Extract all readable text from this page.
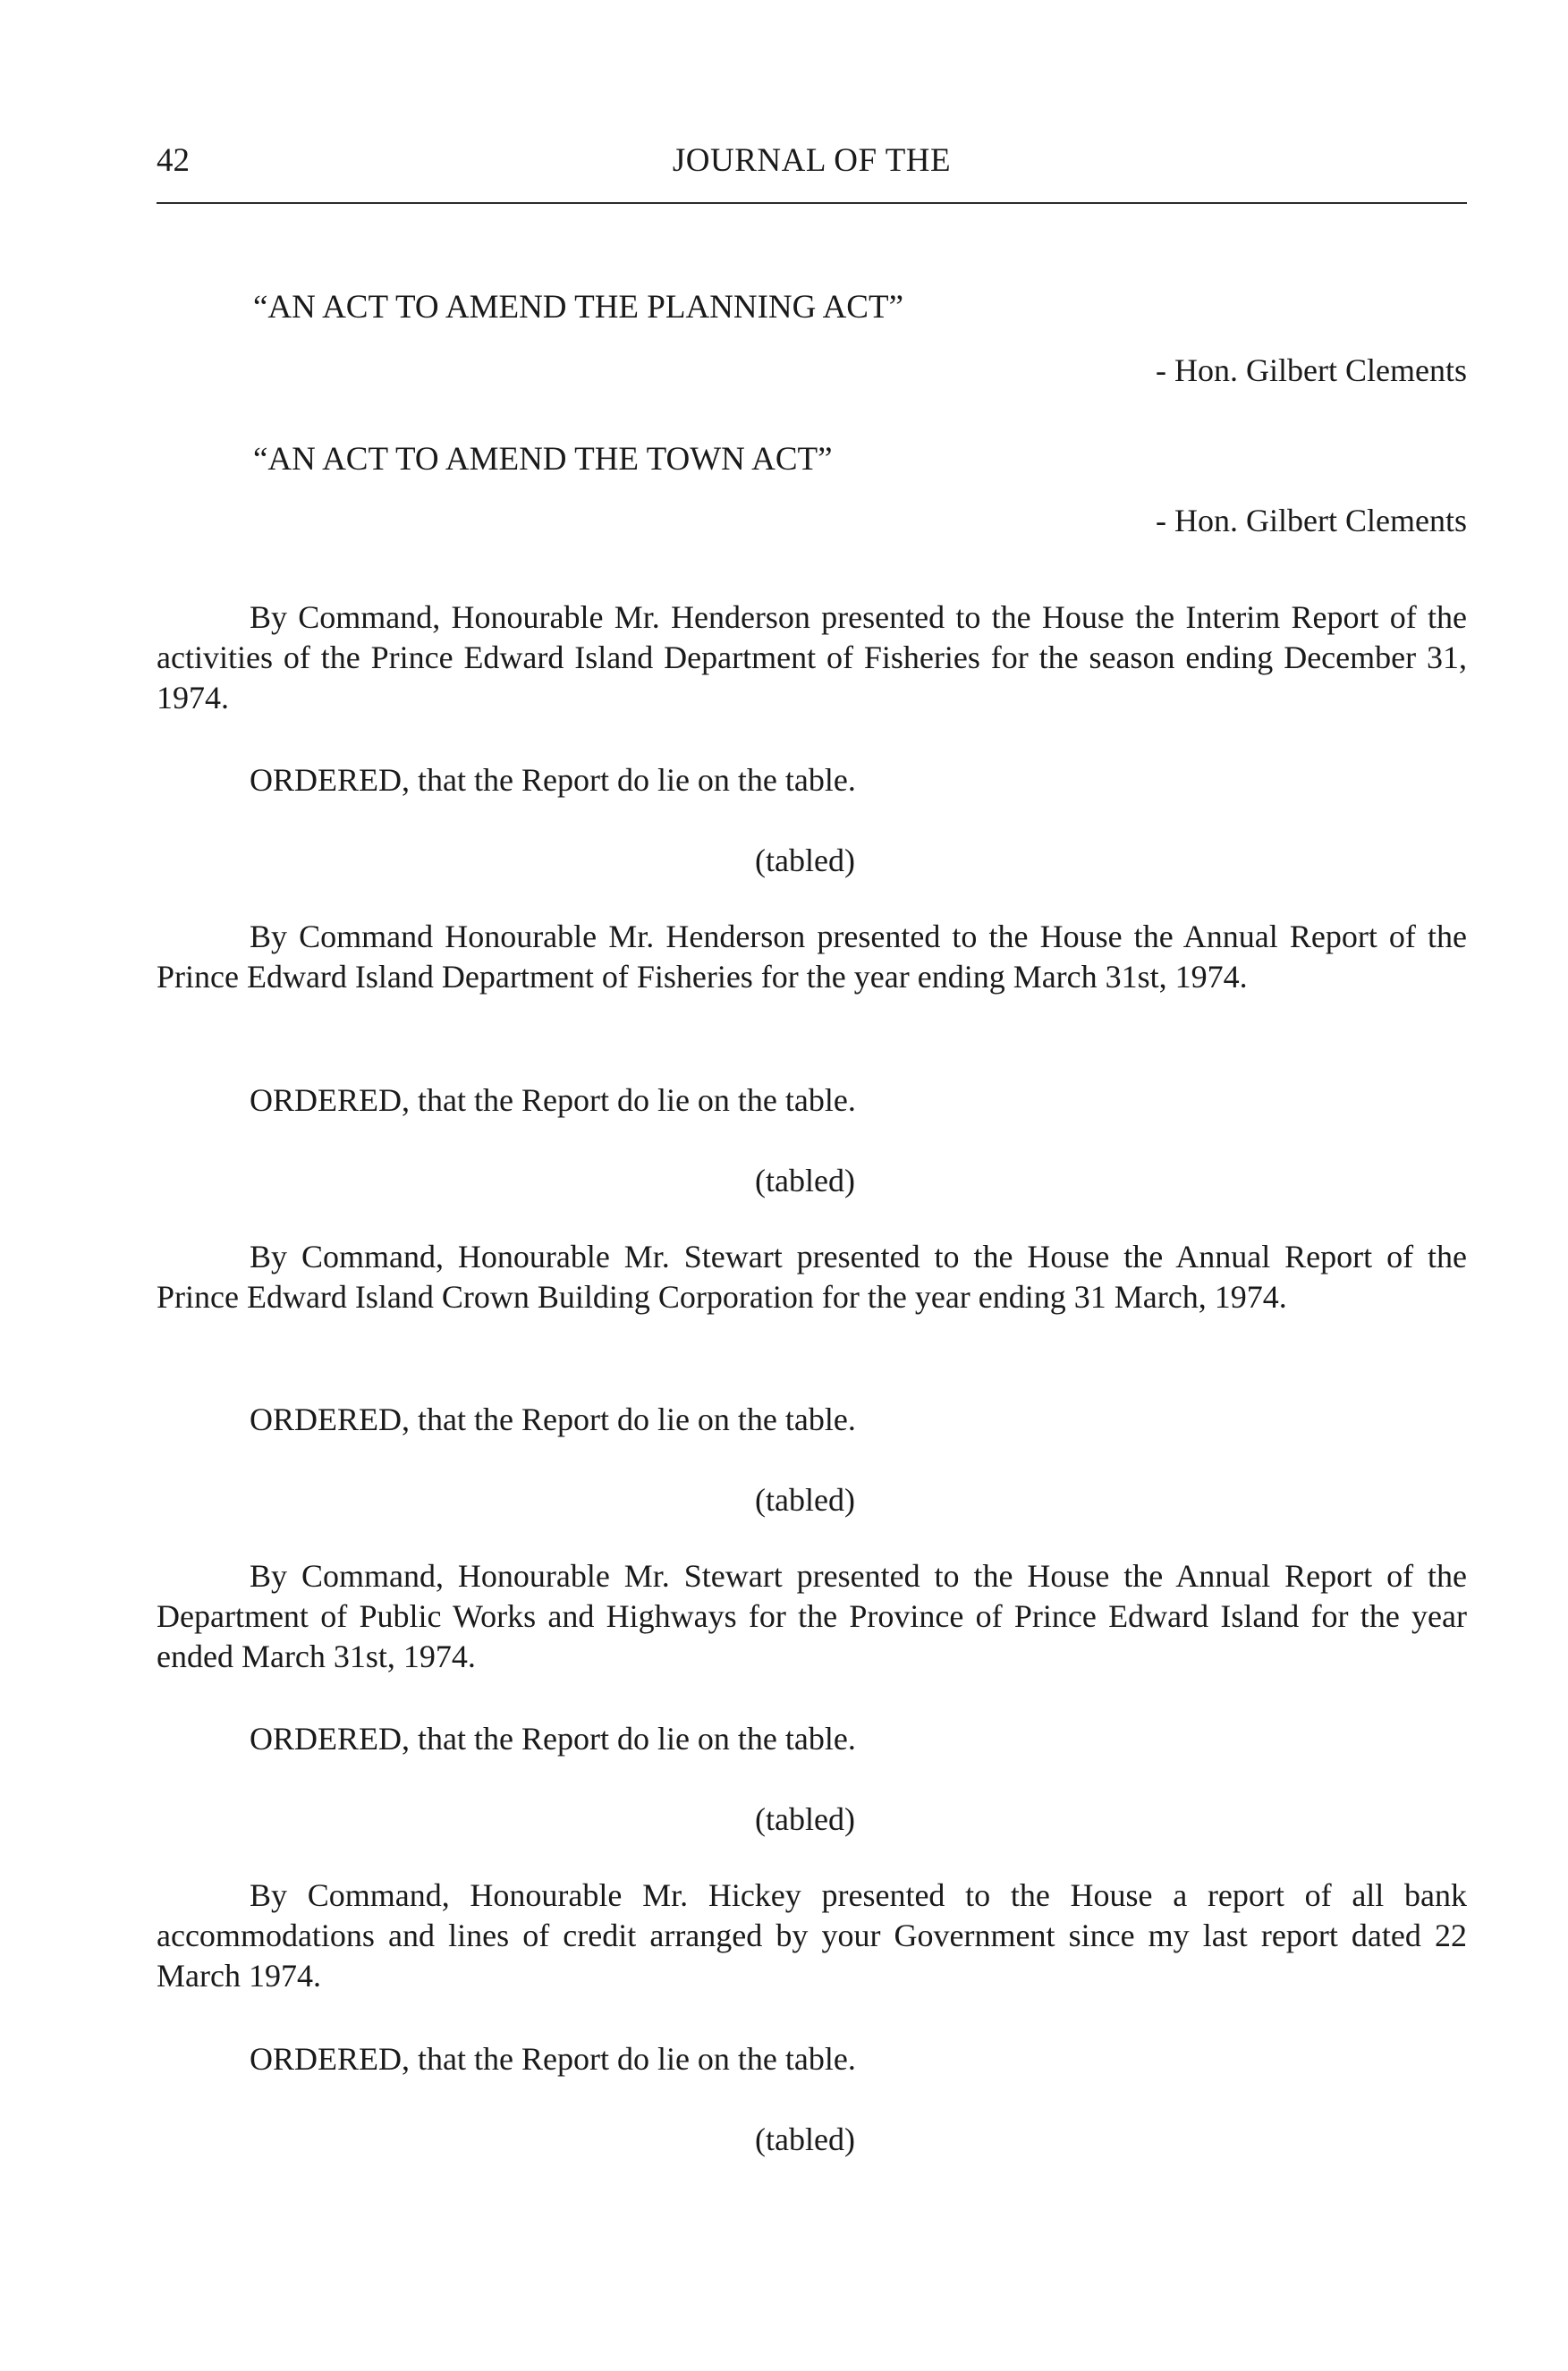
42	JOURNAL OF THE
“AN ACT TO AMEND THE PLANNING ACT”
- Hon. Gilbert Clements
“AN ACT TO AMEND THE TOWN ACT”
- Hon. Gilbert Clements

By Command, Honourable Mr. Henderson presented to the House the Interim Report of the activities of the Prince Edward Island Department of Fisheries for the season ending December 31, 1974.

ORDERED, that the Report do lie on the table.
(tabled)

By Command Honourable Mr. Henderson presented to the House the Annual Report of the Prince Edward Island Department of Fisheries for the year ending March 31st, 1974.

ORDERED, that the Report do lie on the table.
(tabled)

By Command, Honourable Mr. Stewart presented to the House the Annual Report of the Prince Edward Island Crown Building Corporation for the year ending 31 March, 1974.

ORDERED, that the Report do lie on the table.
(tabled)

By Command, Honourable Mr. Stewart presented to the House the Annual Report of the Department of Public Works and Highways for the Province of Prince Edward Island for the year ended March 31st, 1974.

ORDERED, that the Report do lie on the table.
(tabled)

By Command, Honourable Mr. Hickey presented to the House a report of all bank accommodations and lines of credit arranged by your Government since my last report dated 22 March 1974.

ORDERED, that the Report do lie on the table.
(tabled)
